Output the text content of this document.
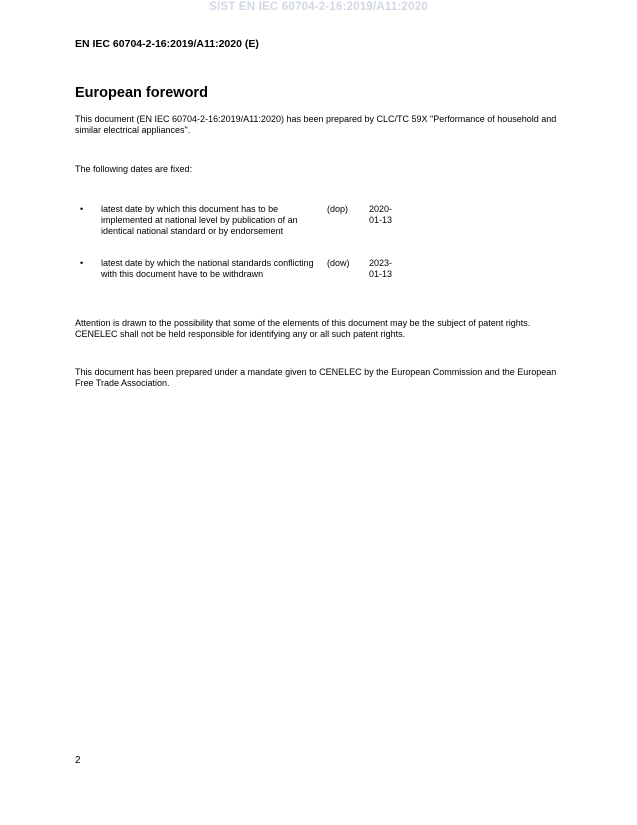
SIST EN IEC 60704-2-16:2019/A11:2020
EN IEC 60704-2-16:2019/A11:2020 (E)
European foreword

This document (EN IEC 60704-2-16:2019/A11:2020) has been prepared by CLC/TC 59X "Performance of household and similar electrical appliances".

The following dates are fixed:

• latest date by which this document has to be implemented at national level by publication of an identical national standard or by endorsement
(dop) 2020-01-13
• latest date by which the national standards conflicting with this document have to be withdrawn
(dow) 2023-01-13

Attention is drawn to the possibility that some of the elements of this document may be the subject of patent rights. CENELEC shall not be held responsible for identifying any or all such patent rights.

This document has been prepared under a mandate given to CENELEC by the European Commission and the European Free Trade Association.

2
